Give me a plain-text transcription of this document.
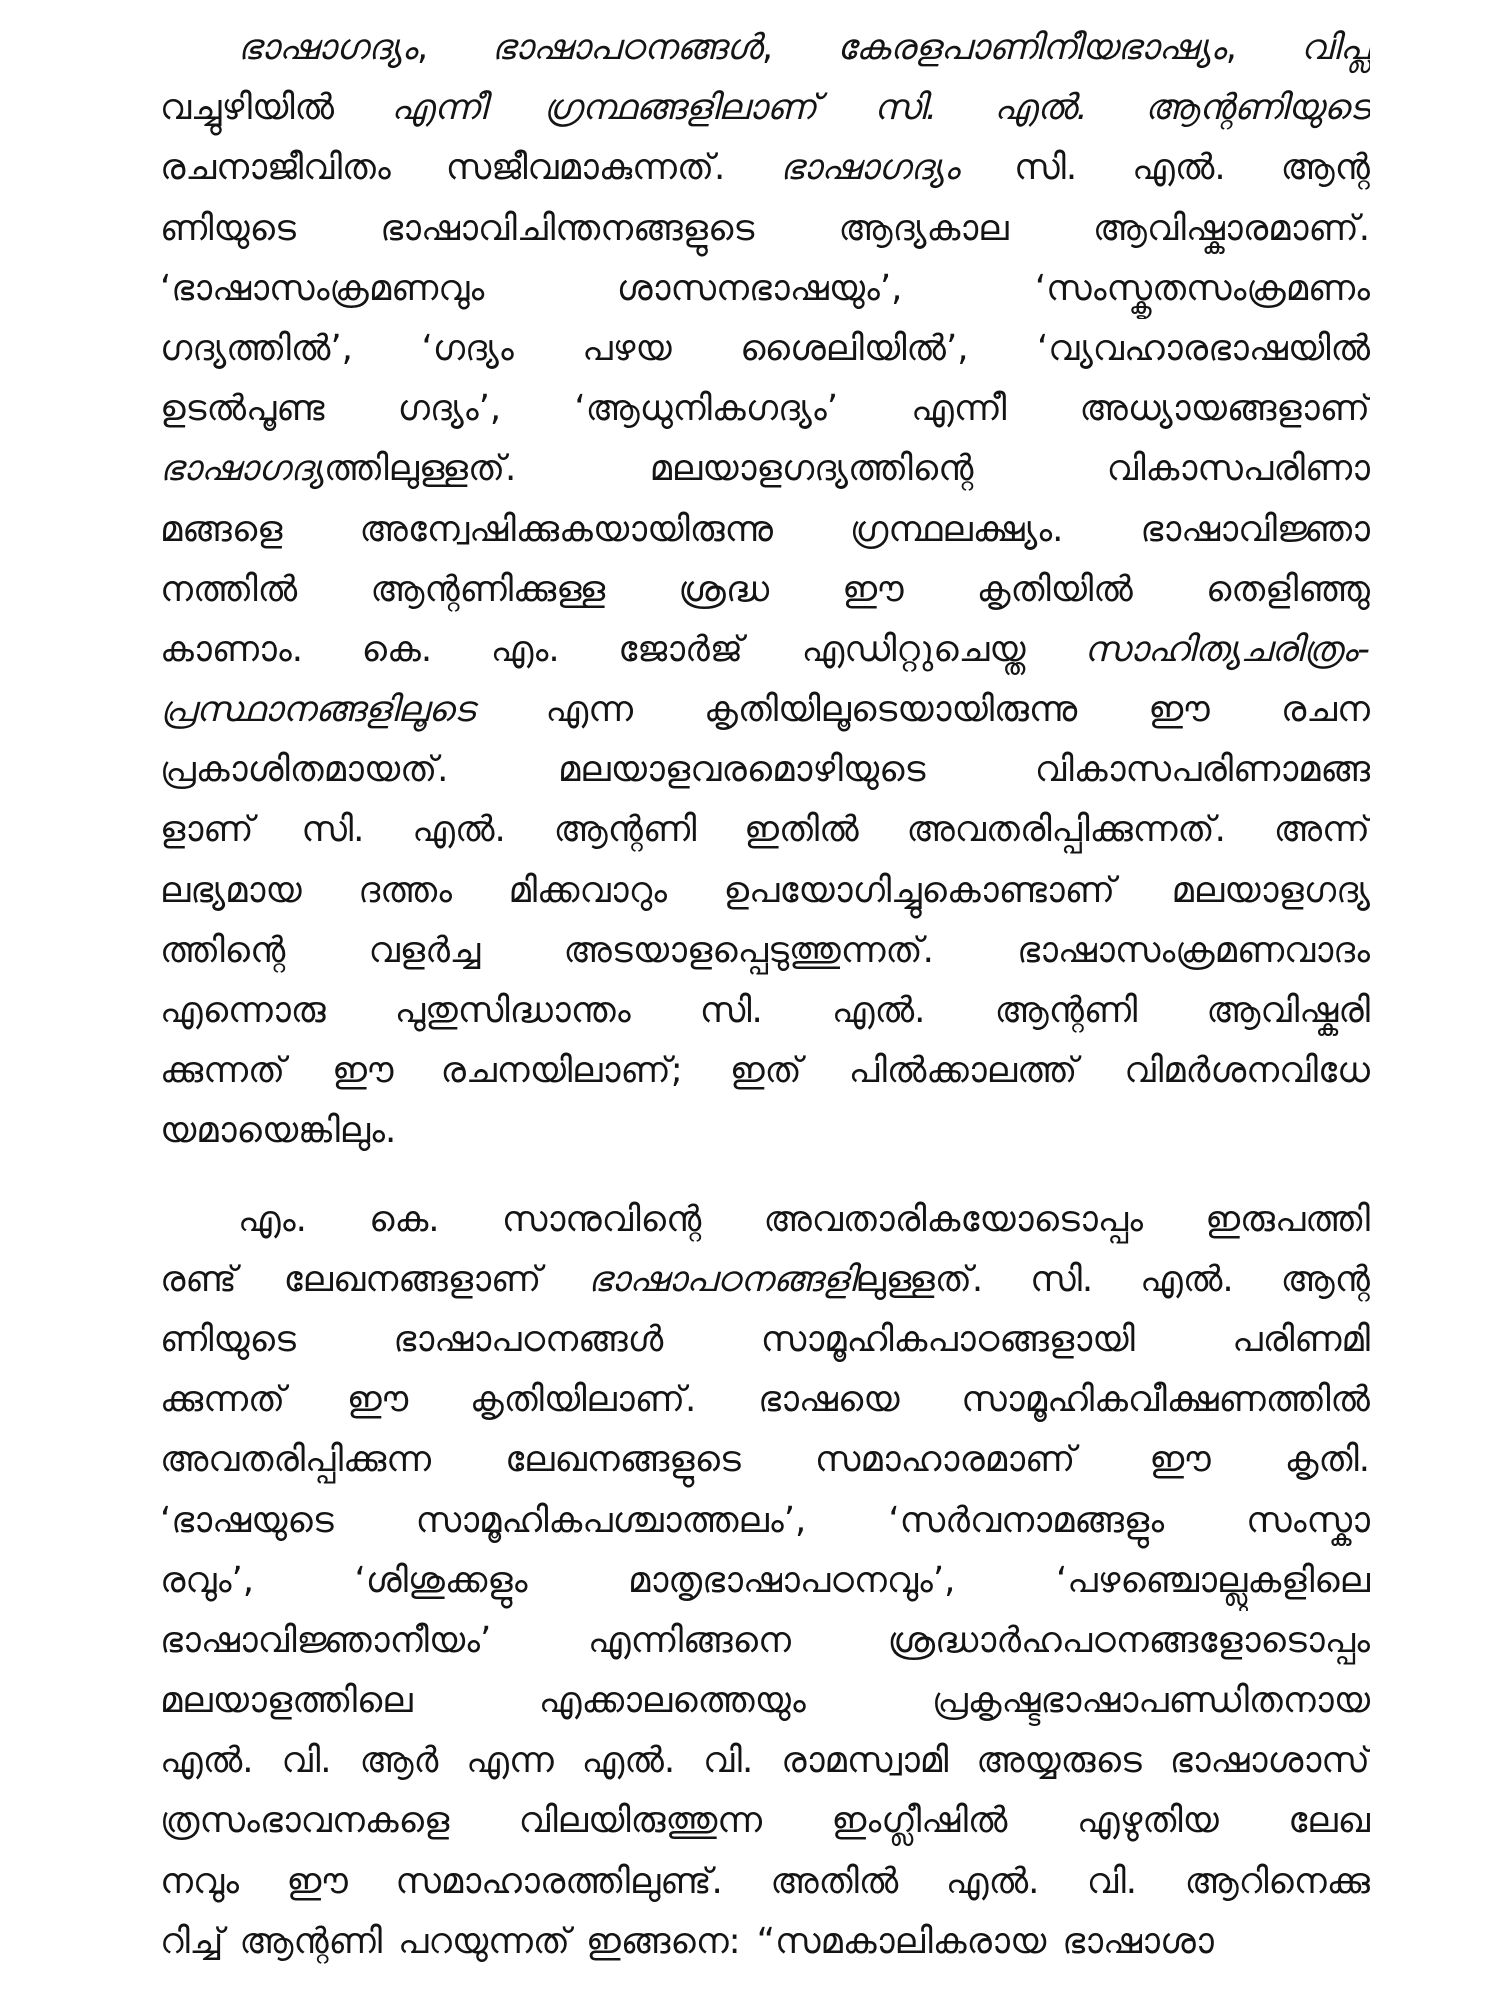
ഭാഷാഗദ്യം, ഭാഷാപഠനങ്ങൾ, കേരളപാണിനീയഭാഷ്യം, വിപ്ല
വച്ചുഴിയിൽ എന്നീ ഗ്രന്ഥങ്ങളിലാണ് സി. എൽ. ആന്റണിയുടെ
രചനാജീവിതം സജീവമാകുന്നത്. ഭാഷാഗദ്യം സി. എൽ. ആന്റ
ണിയുടെ ഭാഷാവിചിന്തനങ്ങളുടെ ആദ്യകാല ആവിഷ്കാരമാണ്.
‘ഭാഷാസംക്രമണവും	ശാസനഭാഷയും’,	‘സംസ്കൃതസംക്രമണം
ഗദ്യത്തിൽ’, ‘ഗദ്യം പഴയ ശൈലിയിൽ’, ‘വ്യവഹാരഭാഷയിൽ
ഉടൽപൂണ്ട ഗദ്യം’, ‘ആധുനികഗദ്യം’ എന്നീ അധ്യായങ്ങളാണ്
ഭാഷാഗദ്യത്തിലുള്ളത്.	മലയാളഗദ്യത്തിന്റെ	വികാസപരിണാ
മങ്ങളെ അന്വേഷിക്കുകയായിരുന്നു ഗ്രന്ഥലക്ഷ്യം. ഭാഷാവിജ്ഞാ
നത്തിൽ ആന്റണിക്കുള്ള ശ്രദ്ധ ഈ കൃതിയിൽ തെളിഞ്ഞു
കാണാം. കെ. എം. ജോർജ് എഡിറ്റുചെയ്ത സാഹിത്യചരിത്രം-
പ്രസ്ഥാനങ്ങളിലൂടെ എന്ന കൃതിയിലൂടെയായിരുന്നു ഈ രചന
പ്രകാശിതമായത്.	മലയാളവരമൊഴിയുടെ	വികാസപരിണാമങ്ങ
ളാണ് സി. എൽ. ആന്റണി ഇതിൽ അവതരിപ്പിക്കുന്നത്. അന്ന്
ലഭ്യമായ ദത്തം മിക്കവാറും ഉപയോഗിച്ചുകൊണ്ടാണ് മലയാളഗദ്യ
ത്തിന്റെ വളർച്ച അടയാളപ്പെടുത്തുന്നത്. ഭാഷാസംക്രമണവാദം
എന്നൊരു പുതുസിദ്ധാന്തം സി. എൽ. ആന്റണി ആവിഷ്കരി
ക്കുന്നത് ഈ രചനയിലാണ്; ഇത് പിൽക്കാലത്ത് വിമർശനവിധേ
യമായെങ്കിലും.
എം. കെ. സാനുവിന്റെ അവതാരികയോടൊപ്പം ഇരുപത്തി
രണ്ട് ലേഖനങ്ങളാണ് ഭാഷാപഠനങ്ങളിലുള്ളത്. സി. എൽ. ആന്റ
ണിയുടെ	ഭാഷാപഠനങ്ങൾ	സാമൂഹികപാഠങ്ങളായി	പരിണമി
ക്കുന്നത് ഈ കൃതിയിലാണ്. ഭാഷയെ സാമൂഹികവീക്ഷണത്തിൽ
അവതരിപ്പിക്കുന്ന ലേഖനങ്ങളുടെ സമാഹാരമാണ് ഈ കൃതി.
‘ഭാഷയുടെ സാമൂഹികപശ്ചാത്തലം’, ‘സർവനാമങ്ങളും സംസ്കാ
രവും’,	‘ശിശുക്കളും	മാതൃഭാഷാപഠനവും’,	‘പഴഞ്ചൊല്ലുകളിലെ
ഭാഷാവിജ്ഞാനീയം’	എന്നിങ്ങനെ	ശ്രദ്ധാർഹപഠനങ്ങളോടൊപ്പം
മലയാളത്തിലെ	എക്കാലത്തെയും	പ്രകൃഷ്ടഭാഷാപണ്ഡിതനായ
എൽ. വി. ആർ എന്ന എൽ. വി. രാമസ്വാമി അയ്യരുടെ ഭാഷാശാസ്
ത്രസംഭാവനകളെ വിലയിരുത്തുന്ന ഇംഗ്ലീഷിൽ എഴുതിയ ലേഖ
നവും ഈ സമാഹാരത്തിലുണ്ട്. അതിൽ എൽ. വി. ആറിനെക്കു
റിച്ച് ആന്റണി പറയുന്നത് ഇങ്ങനെ: “സമകാലികരായ ഭാഷാശാ
